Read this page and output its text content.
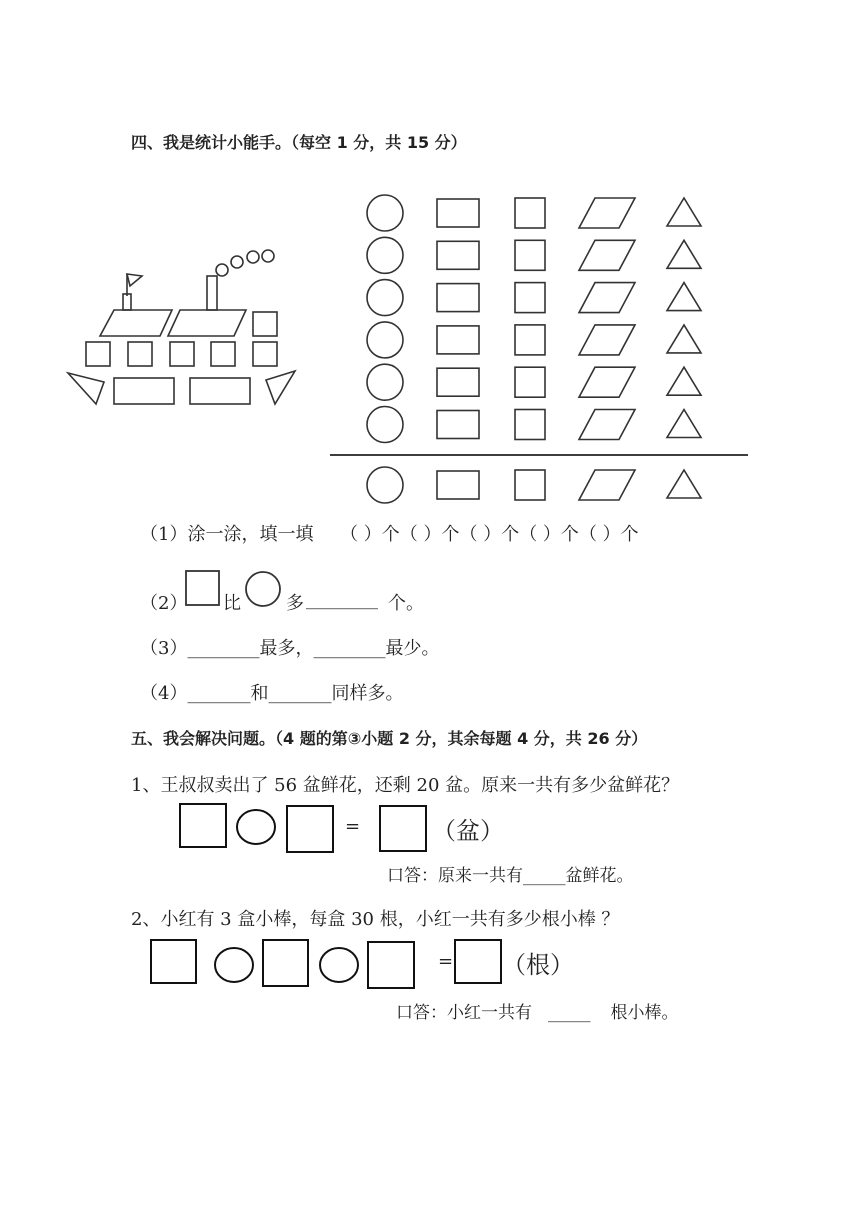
四、我是统计小能手。（每空 1 分，共 15 分）
（1）涂一涂，填一填 （ ）个（ ）个（ ）个（ ）个（ ）个
（2） 比	多 ________ 个。
（3）________最多，________最少。
（4）_______和_______同样多。
五、我会解决问题。（4 题的第③小题 2 分，其余每题 4 分，共 26 分）
1、王叔叔卖出了 56 盆鲜花，还剩 20 盆。原来一共有多少盆鲜花？
=	（盆）
口答：原来一共有_____盆鲜花。
2、小红有 3 盒小棒，每盒 30 根，小红一共有多少根小棒 ？
= （根）
口答：小红一共有 _____ 根小棒。
